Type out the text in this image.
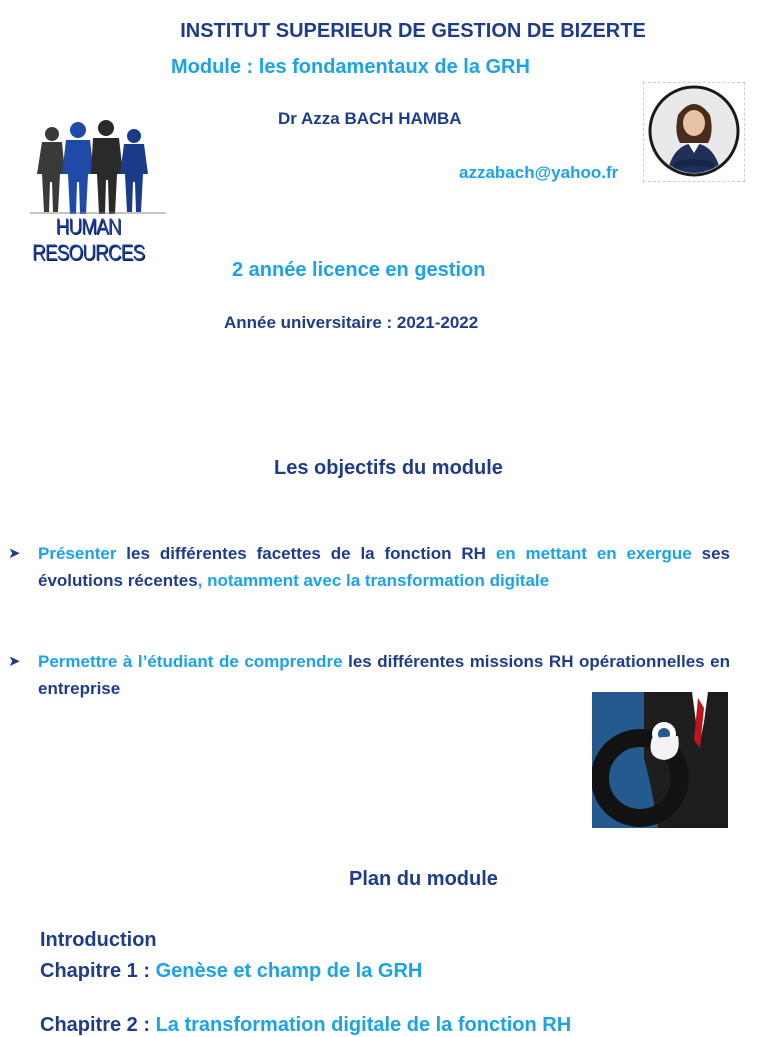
INSTITUT SUPERIEUR DE GESTION DE BIZERTE
Module : les fondamentaux de la GRH
Dr Azza BACH HAMBA
azzabach@yahoo.fr
HUMAN RESOURCES
2 année licence en gestion
Année universitaire : 2021-2022
Les objectifs du module
➤ Présenter les différentes facettes de la fonction RH en mettant en exergue ses évolutions récentes, notamment avec la transformation digitale
➤ Permettre à l’étudiant de comprendre les différentes missions RH opérationnelles en entreprise
Plan du module
Introduction
Chapitre 1 : Genèse et champ de la GRH
Chapitre 2 : La transformation digitale de la fonction RH
